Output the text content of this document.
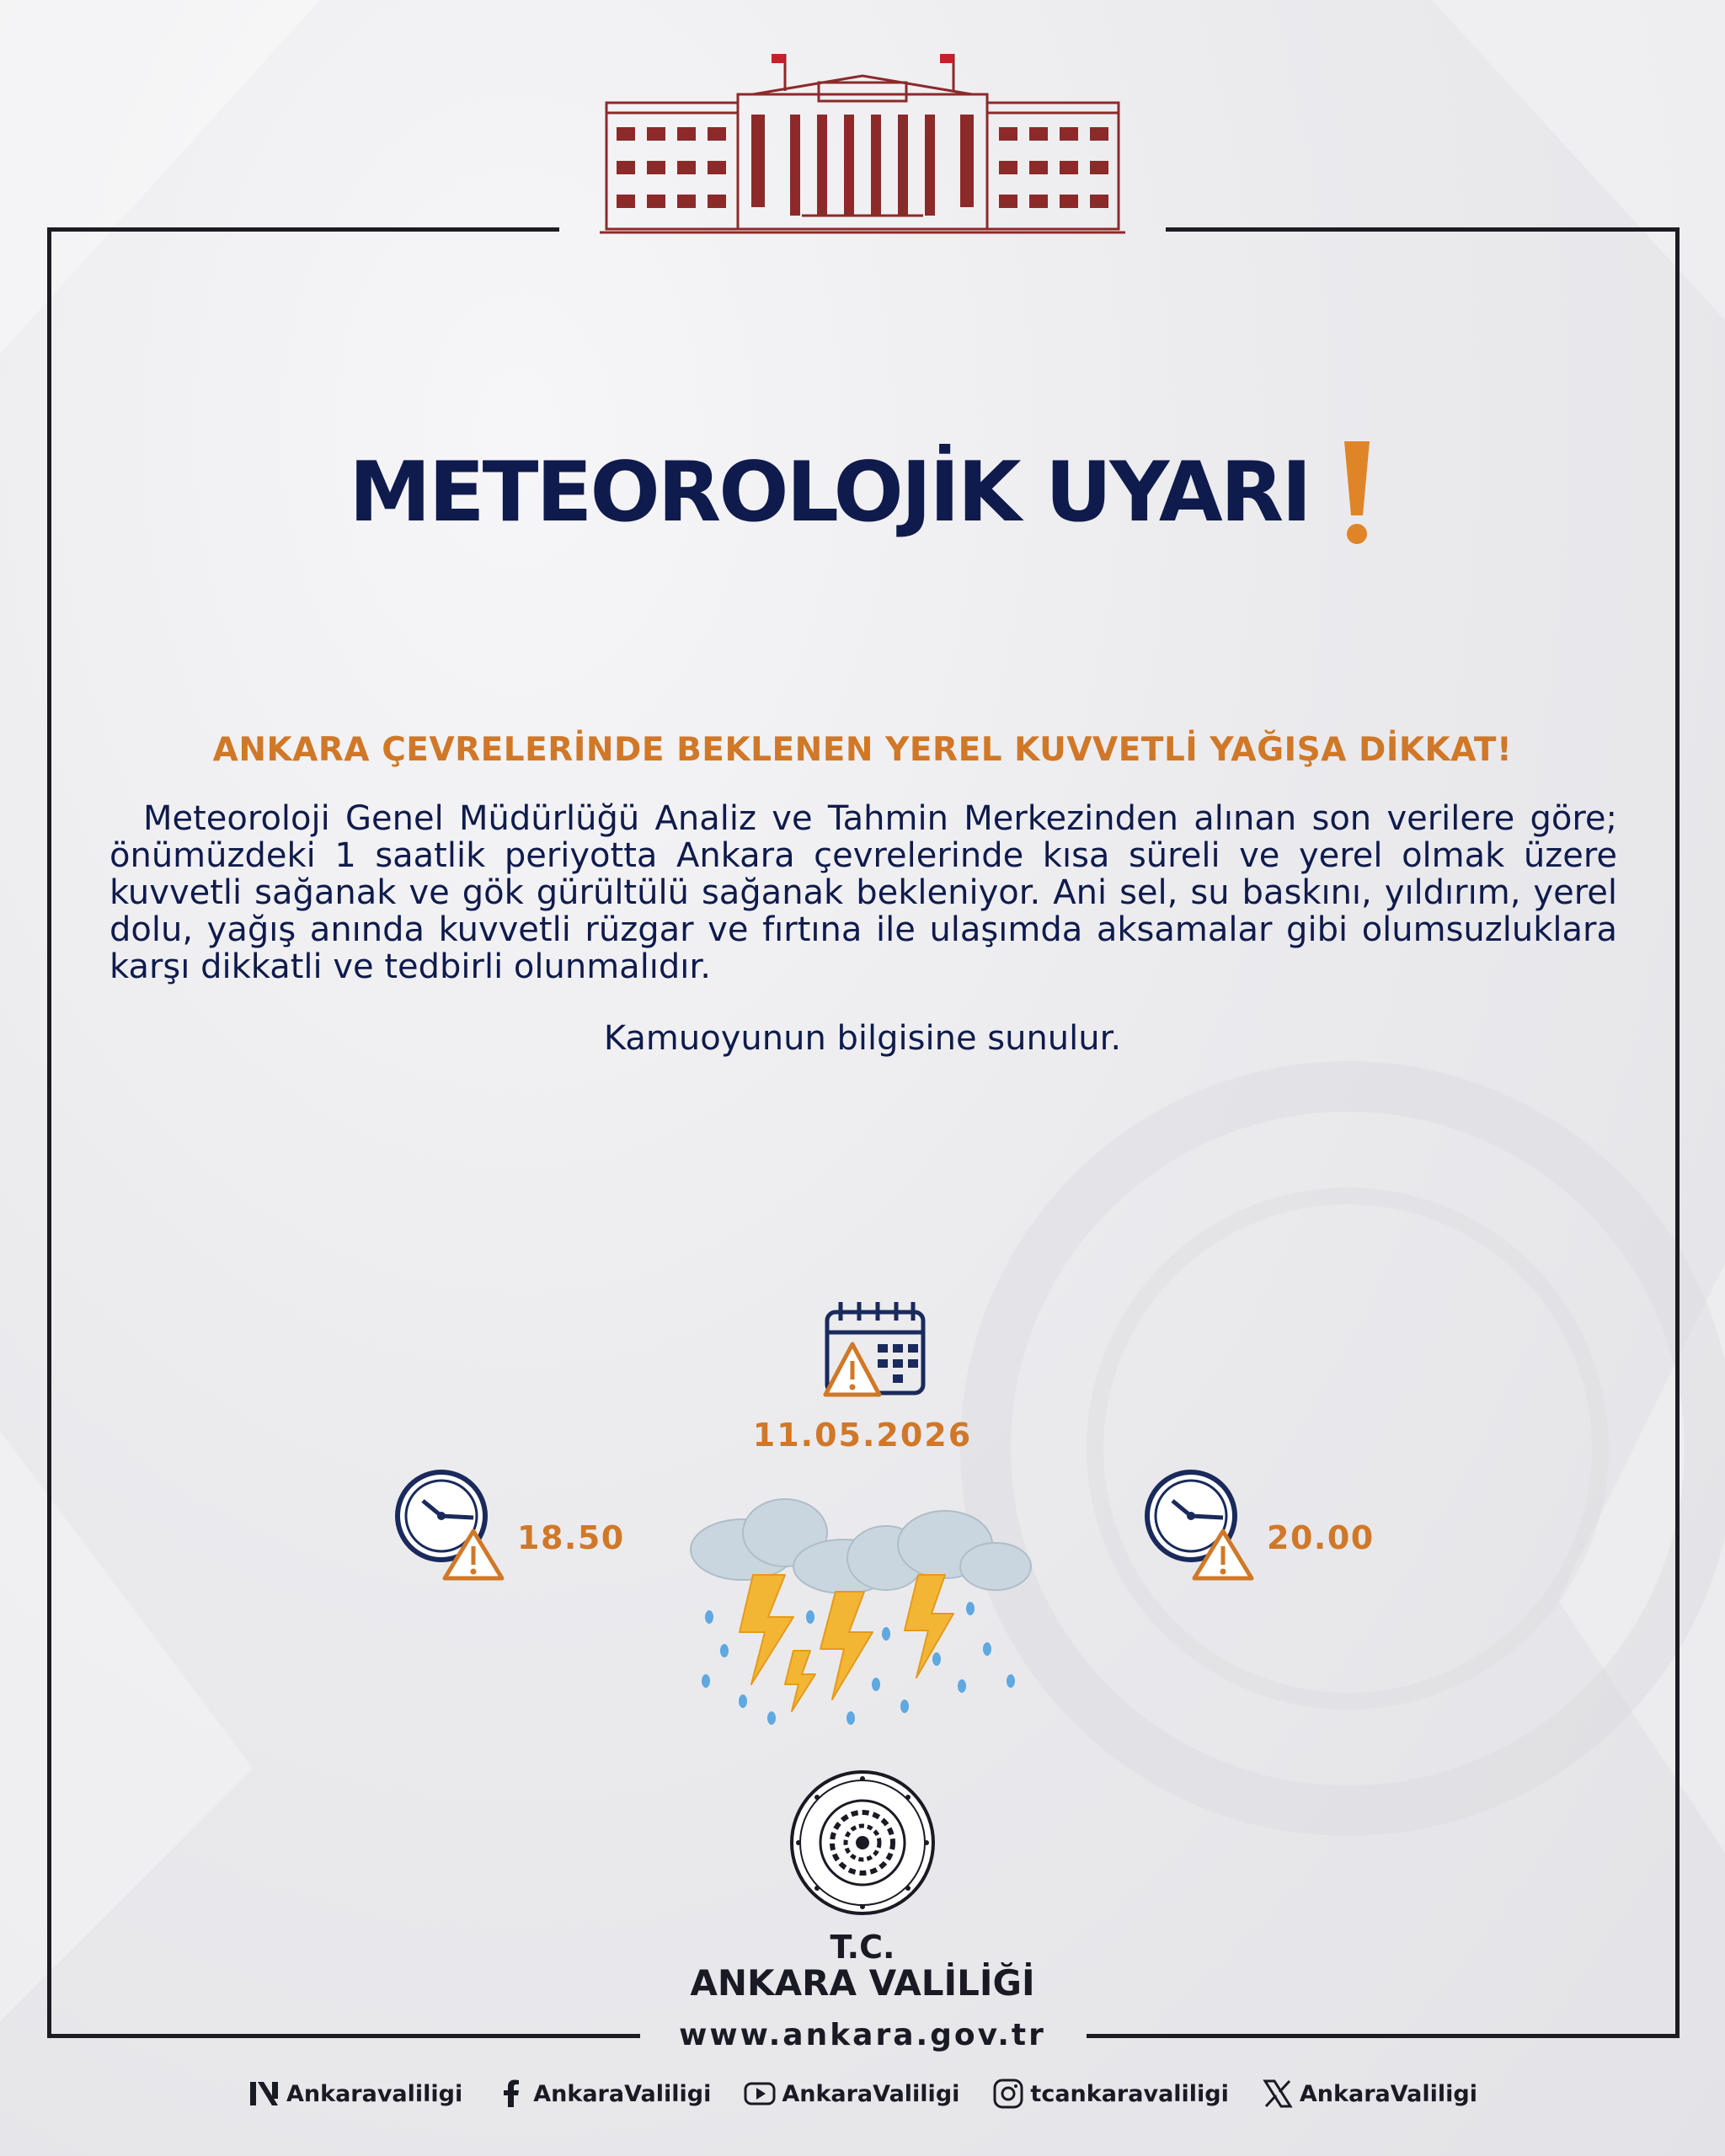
METEOROLOJİK UYARI
ANKARA ÇEVRELERİNDE BEKLENEN YEREL KUVVETLİ YAĞIŞA DİKKAT!
Meteoroloji Genel Müdürlüğü Analiz ve Tahmin Merkezinden alınan son verilere göre; önümüzdeki 1 saatlik periyotta Ankara çevrelerinde kısa süreli ve yerel olmak üzere kuvvetli sağanak ve gök gürültülü sağanak bekleniyor. Ani sel, su baskını, yıldırım, yerel dolu, yağış anında kuvvetli rüzgar ve fırtına ile ulaşımda aksamalar gibi olumsuzluklara karşı dikkatli ve tedbirli olunmalıdır.
Kamuoyunun bilgisine sunulur.
11.05.2026
18.50	20.00
T.C.
ANKARA VALİLİĞİ
www.ankara.gov.tr
Ankaravaliligi	AnkaraValiligi	AnkaraValiligi	tcankaravaliligi	AnkaraValiligi
